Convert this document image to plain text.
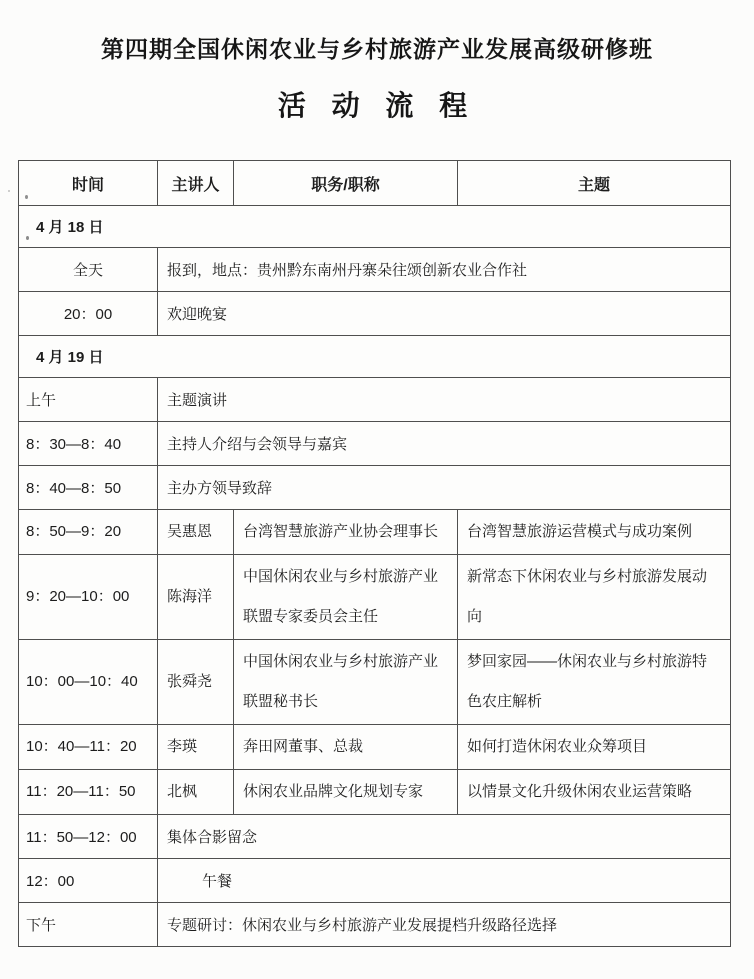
第四期全国休闲农业与乡村旅游产业发展高级研修班
活 动 流 程
时间	主讲人	职务/职称	主题
4 月 18 日			
全天	报到，地点：贵州黔东南州丹寨朵往颂创新农业合作社		
20：00	欢迎晚宴		
4 月 19 日			
上午	主题演讲		
8：30—8：40	主持人介绍与会领导与嘉宾		
8：40—8：50	主办方领导致辞		
8：50—9：20	吴惠恩	台湾智慧旅游产业协会理事长	台湾智慧旅游运营模式与成功案例
9：20—10：00	陈海洋	中国休闲农业与乡村旅游产业联盟专家委员会主任	新常态下休闲农业与乡村旅游发展动向
10：00—10：40	张舜尧	中国休闲农业与乡村旅游产业联盟秘书长	梦回家园——休闲农业与乡村旅游特色农庄解析
10：40—11：20	李瑛	奔田网董事、总裁	如何打造休闲农业众筹项目
11：20—11：50	北枫	休闲农业品牌文化规划专家	以情景文化升级休闲农业运营策略
11：50—12：00	集体合影留念		
12：00	午餐		
下午	专题研讨：休闲农业与乡村旅游产业发展提档升级路径选择		
